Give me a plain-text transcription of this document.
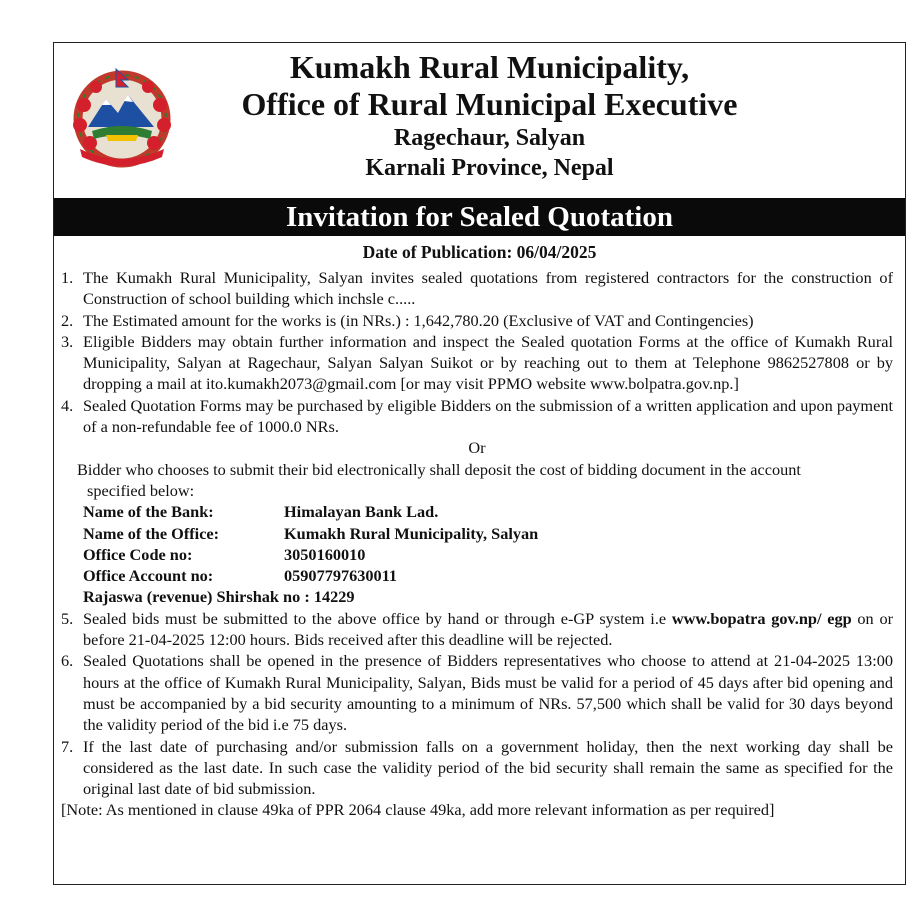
Kumakh Rural Municipality,
Office of Rural Municipal Executive
Ragechaur, Salyan
Karnali Province, Nepal
Invitation for Sealed Quotation
Date of Publication: 06/04/2025
1. The Kumakh Rural Municipality, Salyan invites sealed quotations from registered contractors for the construction of Construction of school building which inchsle c.....
2. The Estimated amount for the works is (in NRs.) : 1,642,780.20 (Exclusive of VAT and Contingencies)
3. Eligible Bidders may obtain further information and inspect the Sealed quotation Forms at the office of Kumakh Rural Municipality, Salyan at Ragechaur, Salyan Salyan Suikot or by reaching out to them at Telephone 9862527808 or by dropping a mail at ito.kumakh2073@gmail.com [or may visit PPMO website www.bolpatra.gov.np.]
4. Sealed Quotation Forms may be purchased by eligible Bidders on the submission of a written application and upon payment of a non-refundable fee of 1000.0 NRs.
Or
Bidder who chooses to submit their bid electronically shall deposit the cost of bidding document in the account
specified below:
Name of the Bank:	Himalayan Bank Lad.
Name of the Office:	Kumakh Rural Municipality, Salyan
Office Code no:	3050160010
Office Account no:	05907797630011
Rajaswa (revenue) Shirshak no : 14229
5. Sealed bids must be submitted to the above office by hand or through e-GP system i.e www.bopatra gov.np/ egp on or before 21-04-2025 12:00 hours. Bids received after this deadline will be rejected.
6. Sealed Quotations shall be opened in the presence of Bidders representatives who choose to attend at 21-04-2025 13:00 hours at the office of Kumakh Rural Municipality, Salyan, Bids must be valid for a period of 45 days after bid opening and must be accompanied by a bid security amounting to a minimum of NRs. 57,500 which shall be valid for 30 days beyond the validity period of the bid i.e 75 days.
7. If the last date of purchasing and/or submission falls on a government holiday, then the next working day shall be considered as the last date. In such case the validity period of the bid security shall remain the same as specified for the original last date of bid submission.
[Note: As mentioned in clause 49ka of PPR 2064 clause 49ka, add more relevant information as per required]
